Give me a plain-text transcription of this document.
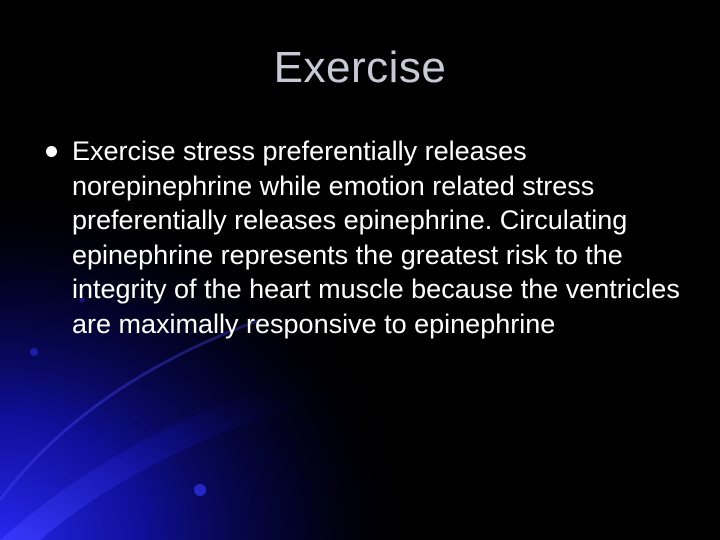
Exercise
Exercise stress preferentially releases norepinephrine while emotion related stress preferentially releases epinephrine. Circulating epinephrine represents the greatest risk to the integrity of the heart muscle because the ventricles are maximally responsive to epinephrine
